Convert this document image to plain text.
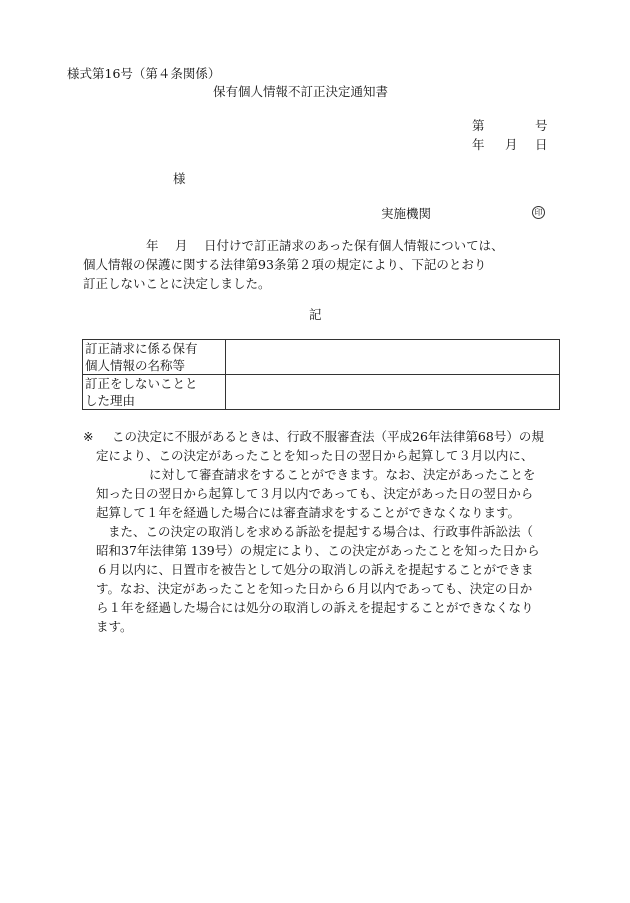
様式第16号（第４条関係）
保有個人情報不訂正決定通知書
第	号
年 月 日
様
実施機関	印
年　 月　 日付けで訂正請求のあった保有個人情報については、
個人情報の保護に関する法律第93条第２項の規定により、下記のとおり
訂正しないことに決定しました。
記
訂正請求に係る保有
個人情報の名称等	

訂正をしないことと
した理由	

※ この決定に不服があるときは、行政不服審査法（平成26年法律第68号）の規
定により、この決定があったことを知った日の翌日から起算して３月以内に、
に対して審査請求をすることができます。なお、決定があったことを
知った日の翌日から起算して３月以内であっても、決定があった日の翌日から
起算して１年を経過した場合には審査請求をすることができなくなります。
また、この決定の取消しを求める訴訟を提起する場合は、行政事件訴訟法（
昭和37年法律第 139号）の規定により、この決定があったことを知った日から
６月以内に、日置市を被告として処分の取消しの訴えを提起することができま
す。なお、決定があったことを知った日から６月以内であっても、決定の日か
ら１年を経過した場合には処分の取消しの訴えを提起することができなくなり
ます。
